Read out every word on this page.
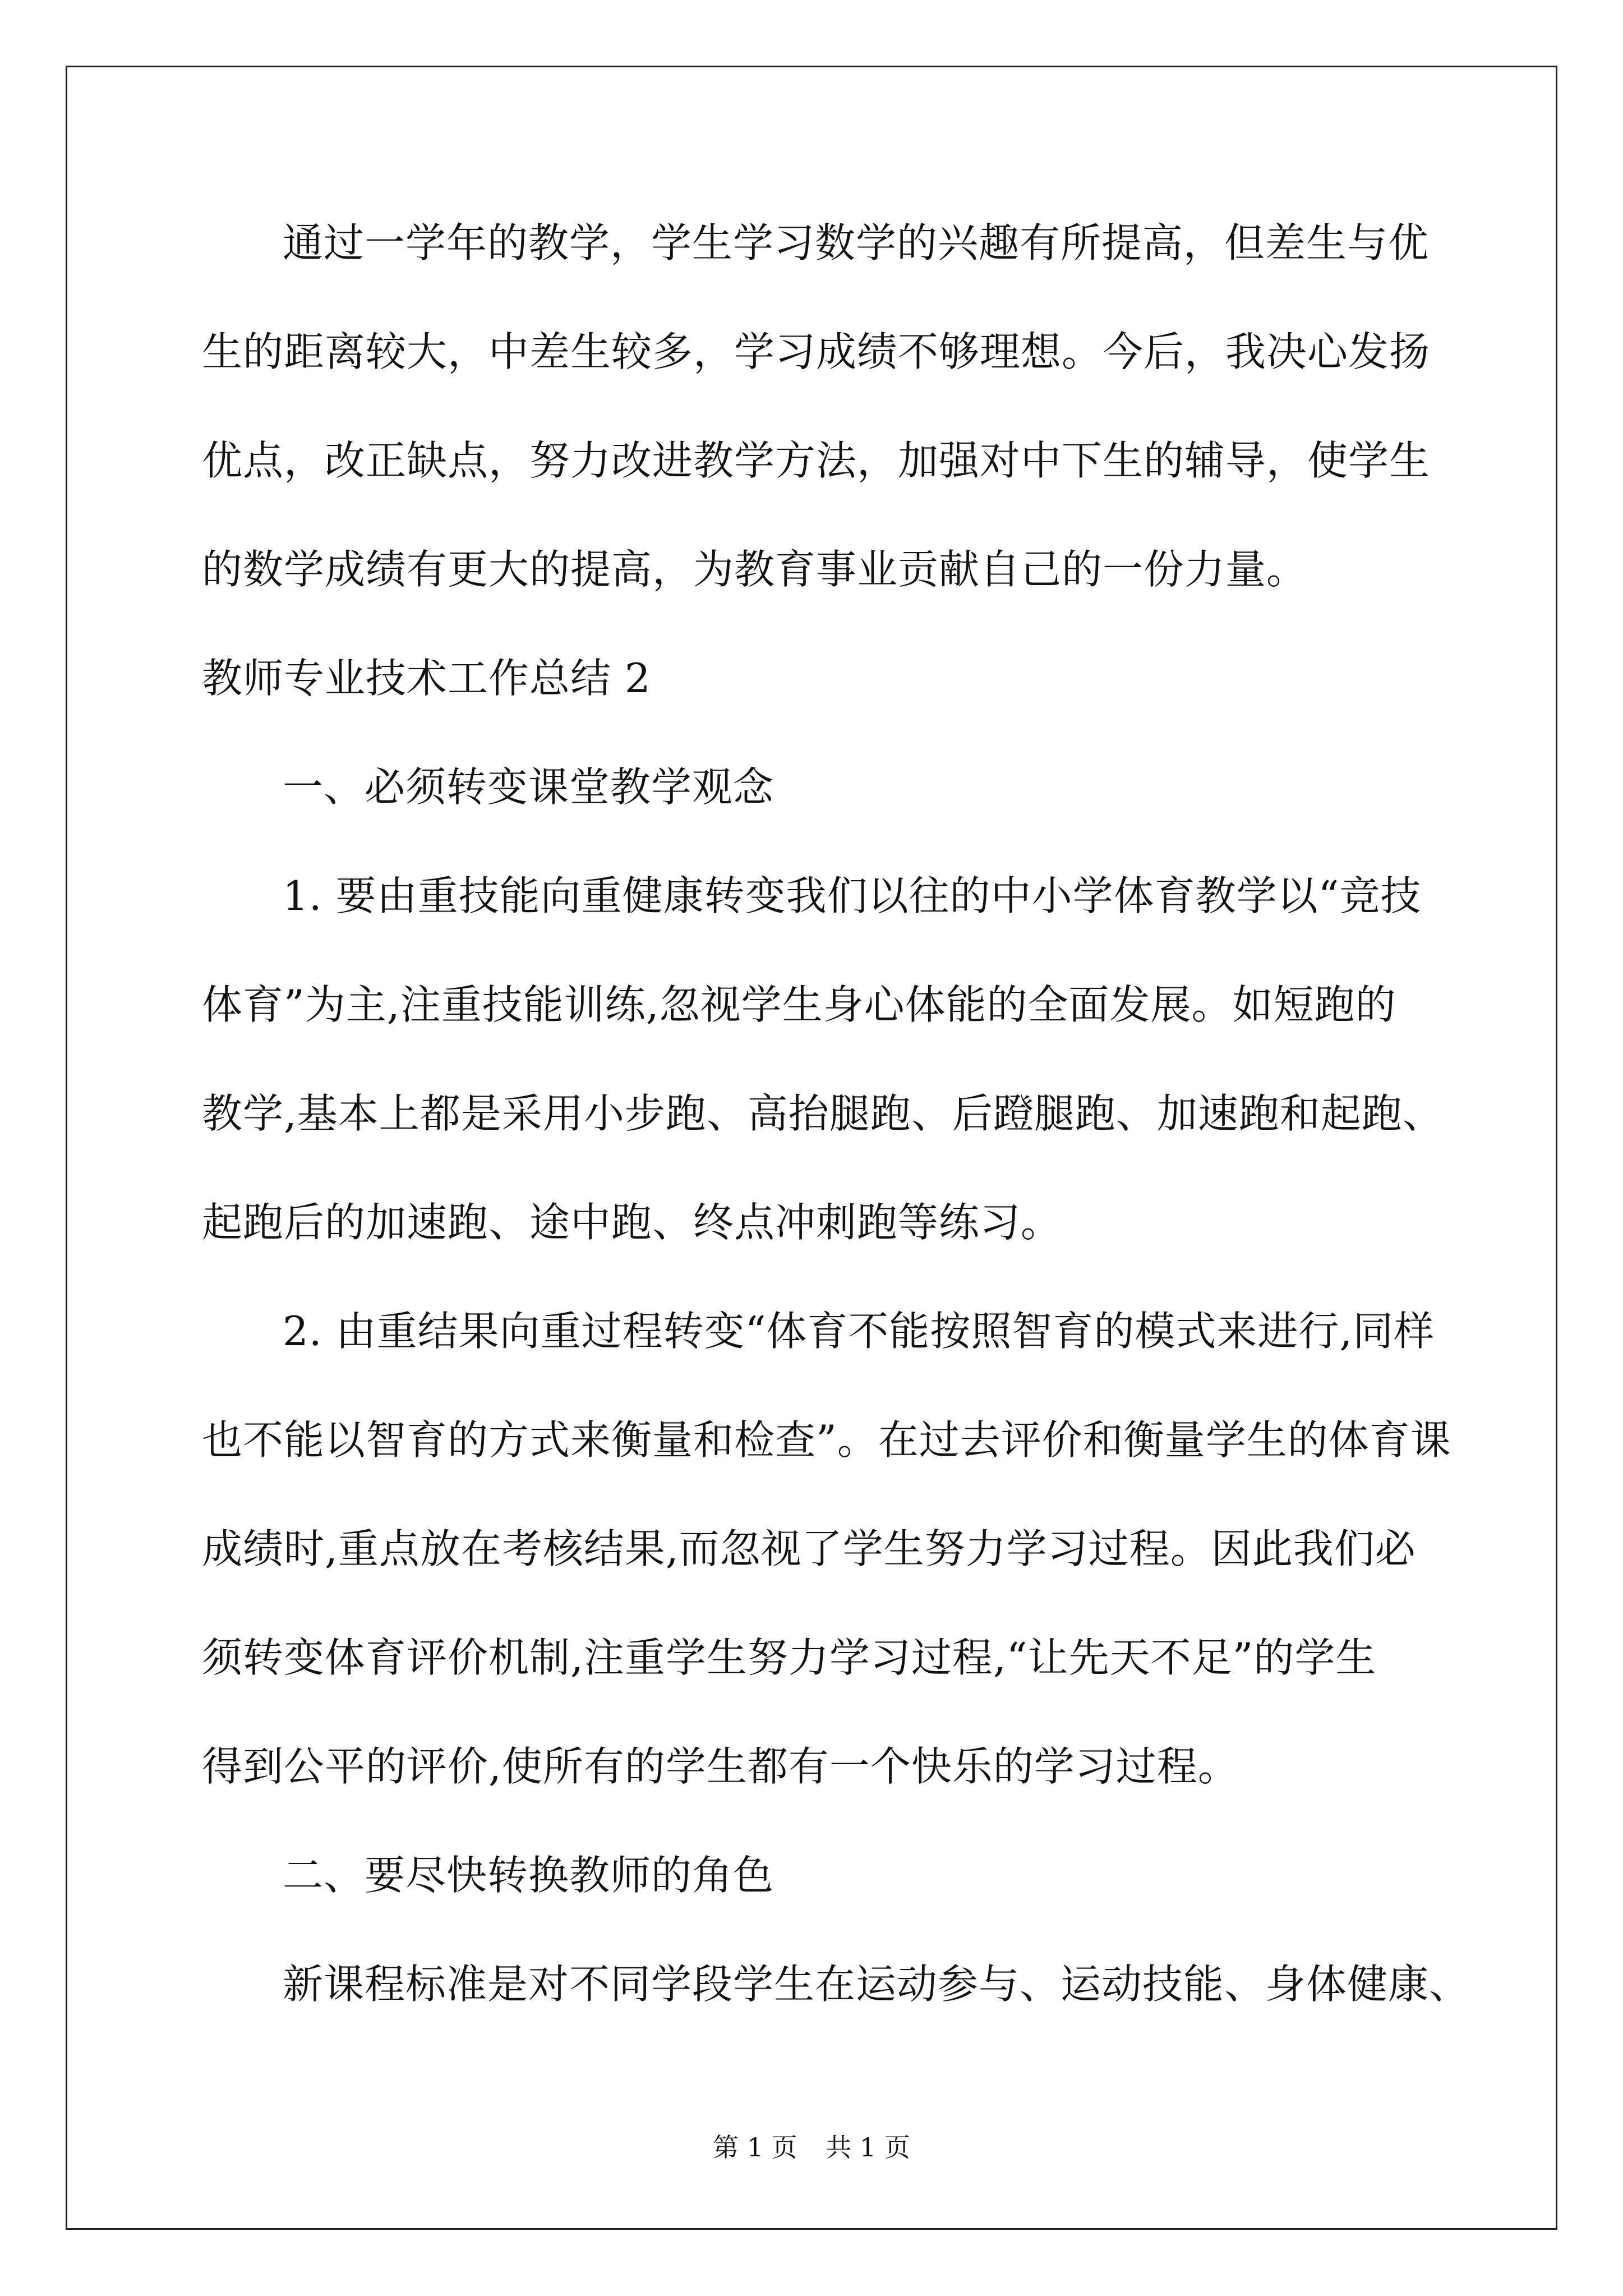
通过一学年的教学，学生学习数学的兴趣有所提高，但差生与优
生的距离较大，中差生较多，学习成绩不够理想。今后，我决心发扬
优点，改正缺点，努力改进教学方法，加强对中下生的辅导，使学生
的数学成绩有更大的提高，为教育事业贡献自己的一份力量。
教师专业技术工作总结 2
一、必须转变课堂教学观念
1. 要由重技能向重健康转变我们以往的中小学体育教学以“竞技
体育”为主,注重技能训练,忽视学生身心体能的全面发展。如短跑的
教学,基本上都是采用小步跑、高抬腿跑、后蹬腿跑、加速跑和起跑、
起跑后的加速跑、途中跑、终点冲刺跑等练习。
2. 由重结果向重过程转变“体育不能按照智育的模式来进行,同样
也不能以智育的方式来衡量和检查”。在过去评价和衡量学生的体育课
成绩时,重点放在考核结果,而忽视了学生努力学习过程。因此我们必
须转变体育评价机制,注重学生努力学习过程,“让先天不足”的学生
得到公平的评价,使所有的学生都有一个快乐的学习过程。
二、要尽快转换教师的角色
新课程标准是对不同学段学生在运动参与、运动技能、身体健康、
第 1 页 共 1 页
